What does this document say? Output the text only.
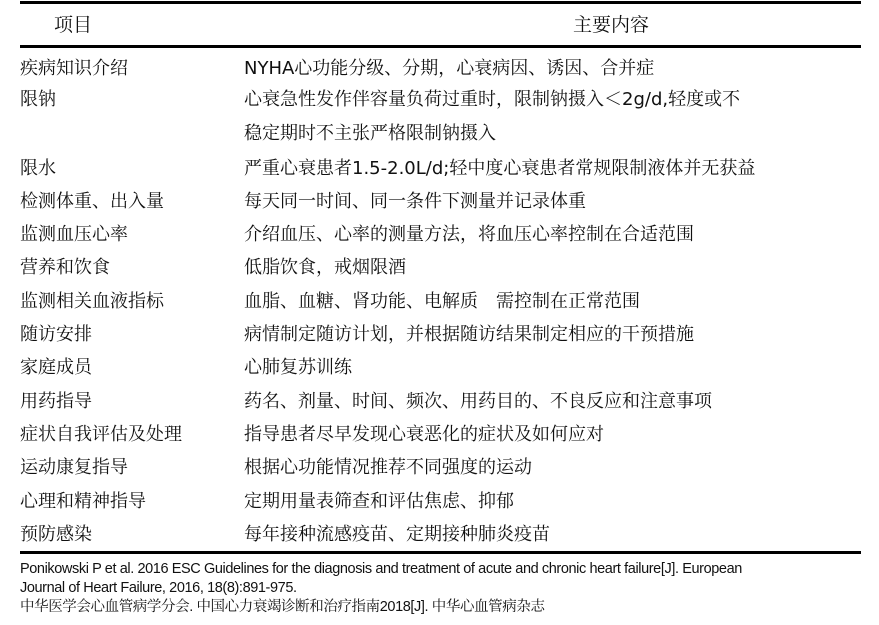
项目	主要内容
疾病知识介绍	NYHA心功能分级、分期，心衰病因、诱因、合并症
限钠	心衰急性发作伴容量负荷过重时，限制钠摄入＜2g/d,轻度或不
稳定期时不主张严格限制钠摄入
限水	严重心衰患者1.5-2.0L/d;轻中度心衰患者常规限制液体并无获益
检测体重、出入量	每天同一时间、同一条件下测量并记录体重
监测血压心率	介绍血压、心率的测量方法，将血压心率控制在合适范围
营养和饮食	低脂饮食，戒烟限酒
监测相关血液指标	血脂、血糖、肾功能、电解质　需控制在正常范围
随访安排	病情制定随访计划，并根据随访结果制定相应的干预措施
家庭成员	心肺复苏训练
用药指导	药名、剂量、时间、频次、用药目的、不良反应和注意事项
症状自我评估及处理	指导患者尽早发现心衰恶化的症状及如何应对
运动康复指导	根据心功能情况推荐不同强度的运动
心理和精神指导	定期用量表筛查和评估焦虑、抑郁
预防感染	每年接种流感疫苗、定期接种肺炎疫苗
Ponikowski P et al. 2016 ESC Guidelines for the diagnosis and treatment of acute and chronic heart failure[J]. European
Journal of Heart Failure, 2016, 18(8):891-975.
中华医学会心血管病学分会. 中国心力衰竭诊断和治疗指南2018[J]. 中华心血管病杂志
